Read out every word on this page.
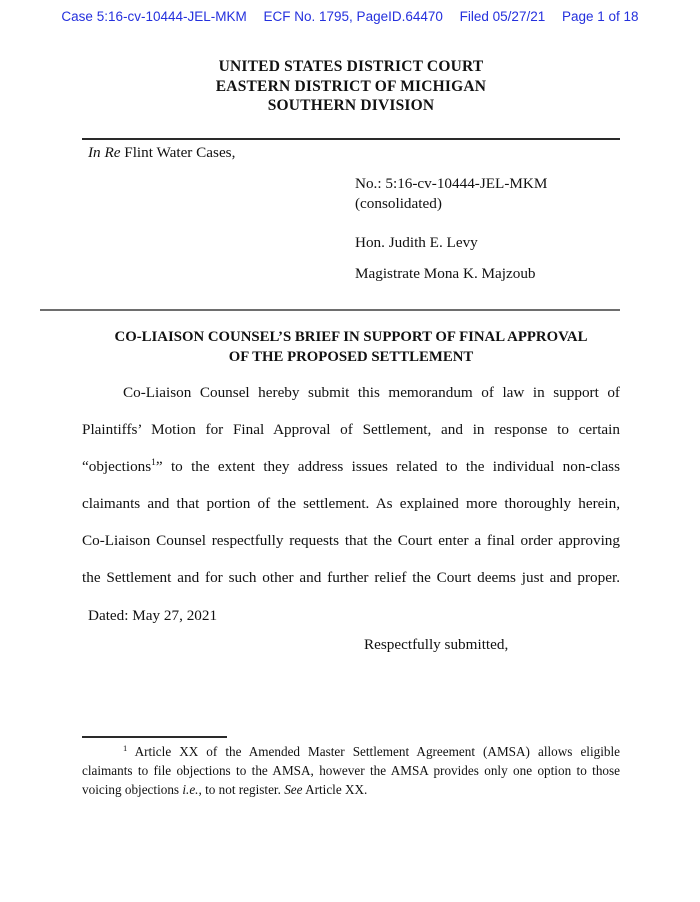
Case 5:16-cv-10444-JEL-MKM ECF No. 1795, PageID.64470 Filed 05/27/21 Page 1 of 18
UNITED STATES DISTRICT COURT
EASTERN DISTRICT OF MICHIGAN
SOUTHERN DIVISION
In Re Flint Water Cases,
No.: 5:16-cv-10444-JEL-MKM
(consolidated)
Hon. Judith E. Levy
Magistrate Mona K. Majzoub
CO-LIAISON COUNSEL’S BRIEF IN SUPPORT OF FINAL APPROVAL
OF THE PROPOSED SETTLEMENT
Co-Liaison Counsel hereby submit this memorandum of law in support of
Plaintiffs’ Motion for Final Approval of Settlement, and in response to certain
“objections$^1$” to the extent they address issues related to the individual non-class
claimants and that portion of the settlement. As explained more thoroughly herein,
Co-Liaison Counsel respectfully requests that the Court enter a final order approving
the Settlement and for such other and further relief the Court deems just and proper.
Dated: May 27, 2021
Respectfully submitted,
$^1$ Article XX of the Amended Master Settlement Agreement (AMSA) allows eligible
claimants to file objections to the AMSA, however the AMSA provides only one option to those
voicing objections i.e., to not register. See Article XX.
